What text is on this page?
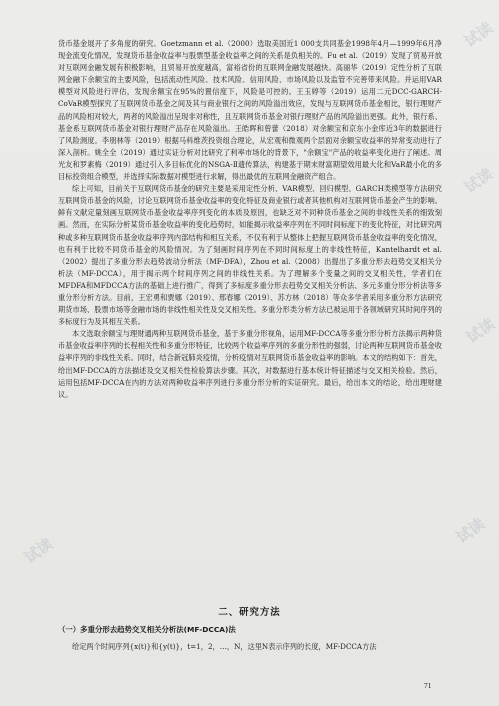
试读
试读
试读
试读
试读

货币基金展开了多角度的研究。Goetzmann et al.（2000）选取美国近1 000支共同基金1998年4月—1999年6月净现金流变化情况，发现货币基金收益率与股票型基金收益率之间的关系是负相关的。Fu et al.（2019）发现了贸易开放对互联网金融发展有积极影响，且贸易开放度越高，富裕省份的互联网金融发展越快。高丽华（2019）定性分析了互联网金融下余额宝的主要风险，包括流动性风险、技术风险、信用风险、市场风险以及监管不完善带来风险。并运用VAR模型对风险进行评估，发现余额宝在95%的置信度下，风险是可控的。王玉婷等（2019）运用二元DCC-GARCH-CoVaR模型探究了互联网货币基金之间及其与商业银行之间的风险溢出效应，发现与互联网货币基金相比，银行理财产品的风险相对较大，两者的风险溢出呈现非对称性，且互联网货币基金对银行理财产品的风险溢出更强。此外，银行系、基金系互联网货币基金对银行理财产品存在风险溢出。王皓晖和曾蕾（2018）对余额宝和京东小金库近3年的数据进行了风险测度。李朋林等（2019）根据马科维茨投资组合理论，从宏观和微观两个层面对余额宝收益率的异常变动进行了深入剖析。姚全全（2019）通过实证分析对比研究了利率市场化的背景下，"余额宝"产品的收益率变化进行了阐述。周光友和罗素梅（2019）通过引入多目标优化的NSGA-Ⅱ遗传算法，构建基于期末财富期望效用最大化和VaR最小化的多目标投资组合模型，并选择实际数据对模型进行求解，得出最优的互联网金融资产组合。

综上可知，目前关于互联网货币基金的研究主要是采用定性分析、VAR模型、回归模型、GARCH类模型等方法研究互联网货币基金的风险，讨论互联网货币基金收益率的变化特征及商业银行或者其他机构对互联网货币基金产生的影响。鲜有文献定量刻画互联网货币基金收益率序列变化的本质及原因，也缺乏对不同种货币基金之间的非线性关系的细致刻画。然而，在实际分析某货币基金收益率的变化趋势时，如能揭示收益率序列在不同时间标度下的变化特征，对比研究两种或多种互联网货币基金收益率序列内部结构和相互关系，不仅有利于从整体上把握互联网货币基金收益率的变化情况，也有利于比较不同货币基金的风险情况。为了刻画时间序列在不同时间标度上的非线性特征，Kantelhardt et al.（2002）提出了多重分形去趋势波动分析法（MF-DFA），Zhou et al.（2008）出提出了多重分形去趋势交叉相关分析法（MF-DCCA），用于揭示两个时间序列之间的非线性关系。为了理解多个变量之间的交叉相关性，学者们在MFDFA和MFDCCA方法的基础上进行推广，得到了多标度多重分形去趋势交叉相关分析法、多元多重分形分析法等多重分形分析方法。目前，王宏勇和贾娜（2019）、邢春娜（2019）、苏方林（2018）等众多学者采用多重分形方法研究期货市场、股票市场等金融市场的非线性相关性及交叉相关性。多重分形类分析方法已被运用于各领域研究其时间序列的多标度行为及其相互关系。

本文选取余额宝与理财通两种互联网货币基金，基于多重分形视角，运用MF-DCCA等多重分形分析方法揭示两种货币基金收益率序列的长程相关性和多重分形特征，比较两个收益率序列的多重分形性的强弱，讨论两种互联网货币基金收益率序列的非线性关系。同时，结合新冠肺炎疫情，分析疫情对互联网货币基金收益率的影响。本文的结构如下：首先，给出MF-DCCA的方法描述及交叉相关性检验算法步骤。其次，对数据进行基本统计特征描述与交叉相关检验。然后，运用包括MF-DCCA在内的方法对两种收益率序列进行多重分形分析的实证研究。最后，给出本文的结论，给出理财建议。

二、研究方法
（一）多重分形去趋势交叉相关分析法(MF-DCCA)法
给定两个时间序列{x(t)}和{y(t)}，t=1，2，…，N，这里N表示序列的长度，MF-DCCA方法
71
